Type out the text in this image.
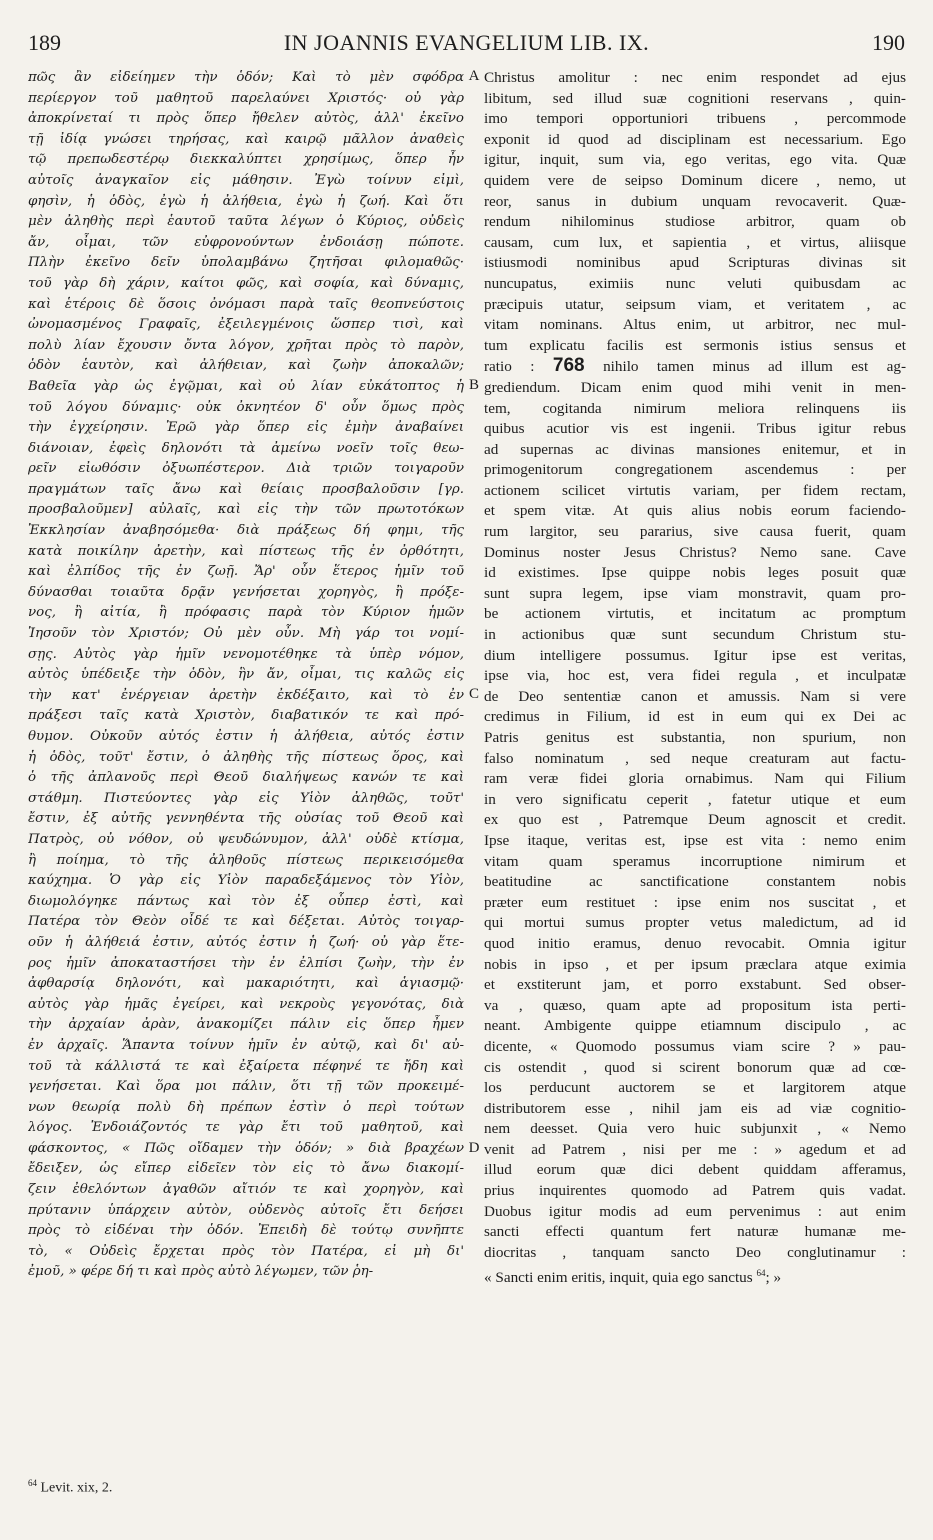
189	IN JOANNIS EVANGELIUM LIB. IX.	190
πῶς ἂν εἰδείημεν τὴν ὁδόν; Καὶ τὸ μὲν σφόδρα
περίεργον τοῦ μαθητοῦ παρελαύνει Χριστός· οὐ γὰρ
ἀποκρίνεταί τι πρὸς ὅπερ ἤθελεν αὐτὸς, ἀλλ' ἐκεῖνο
τῇ ἰδίᾳ γνώσει τηρήσας, καὶ καιρῷ μᾶλλον ἀναθεὶς
τῷ πρεπωδεστέρῳ διεκκαλύπτει χρησίμως, ὅπερ ἦν
αὐτοῖς ἀναγκαῖον εἰς μάθησιν. Ἐγὼ τοίνυν εἰμὶ,
φησὶν, ἡ ὁδὸς, ἐγὼ ἡ ἀλήθεια, ἐγὼ ἡ ζωή. Καὶ ὅτι
μὲν ἀληθὴς περὶ ἑαυτοῦ ταῦτα λέγων ὁ Κύριος, οὐδεὶς
ἄν, οἶμαι, τῶν εὐφρονούντων ἐνδοιάσῃ πώποτε.
Πλὴν ἐκεῖνο δεῖν ὑπολαμβάνω ζητῆσαι φιλομαθῶς·
τοῦ γὰρ δὴ χάριν, καίτοι φῶς, καὶ σοφία, καὶ δύναμις,
καὶ ἑτέροις δὲ ὅσοις ὀνόμασι παρὰ ταῖς θεοπνεύστοις
ὠνομασμένος Γραφαῖς, ἐξειλεγμένοις ὥσπερ τισὶ, καὶ
πολὺ λίαν ἔχουσιν ὄντα λόγον, χρῆται πρὸς τὸ παρὸν,
ὁδὸν ἑαυτὸν, καὶ ἀλήθειαν, καὶ ζωὴν ἀποκαλῶν;
Βαθεῖα γὰρ ὡς ἐγῷμαι, καὶ οὐ λίαν εὐκάτοπτος ἡ
τοῦ λόγου δύναμις· οὐκ ὀκνητέον δ' οὖν ὅμως πρὸς
τὴν ἐγχείρησιν. Ἐρῶ γὰρ ὅπερ εἰς ἐμὴν ἀναβαίνει
διάνοιαν, ἐφεὶς δηλονότι τὰ ἀμείνω νοεῖν τοῖς θεω-
ρεῖν εἰωθόσιν ὀξυωπέστερον. Διὰ τριῶν τοιγαροῦν
πραγμάτων ταῖς ἄνω καὶ θείαις προσβαλοῦσιν [γρ.
προσβαλοῦμεν] αὐλαῖς, καὶ εἰς τὴν τῶν πρωτοτόκων
Ἐκκλησίαν ἀναβησόμεθα· διὰ πράξεως δή φημι, τῆς
κατὰ ποικίλην ἀρετὴν, καὶ πίστεως τῆς ἐν ὀρθότητι,
καὶ ἐλπίδος τῆς ἐν ζωῇ. Ἄρ' οὖν ἕτερος ἡμῖν τοῦ
δύνασθαι τοιαῦτα δρᾷν γενήσεται χορηγὸς, ἢ πρόξε-
νος, ἢ αἰτία, ἢ πρόφασις παρὰ τὸν Κύριον ἡμῶν
Ἰησοῦν τὸν Χριστόν; Οὐ μὲν οὖν. Μὴ γάρ τοι νομί-
σῃς. Αὐτὸς γὰρ ἡμῖν νενομοτέθηκε τὰ ὑπὲρ νόμον,
αὐτὸς ὑπέδειξε τὴν ὁδὸν, ἣν ἄν, οἶμαι, τις καλῶς εἰς
τὴν κατ' ἐνέργειαν ἀρετὴν ἐκδέξαιτο, καὶ τὸ ἐν
πράξεσι ταῖς κατὰ Χριστὸν, διαβατικόν τε καὶ πρό-
θυμον. Οὐκοῦν αὐτός ἐστιν ἡ ἀλήθεια, αὐτός ἐστιν
ἡ ὁδὸς, τοῦτ' ἔστιν, ὁ ἀληθὴς τῆς πίστεως ὅρος, καὶ
ὁ τῆς ἀπλανοῦς περὶ Θεοῦ διαλήψεως κανών τε καὶ
στάθμη. Πιστεύοντες γὰρ εἰς Υἱὸν ἀληθῶς, τοῦτ'
ἔστιν, ἐξ αὐτῆς γεννηθέντα τῆς οὐσίας τοῦ Θεοῦ καὶ
Πατρὸς, οὐ νόθον, οὐ ψευδώνυμον, ἀλλ' οὐδὲ κτίσμα,
ἢ ποίημα, τὸ τῆς ἀληθοῦς πίστεως περικεισόμεθα
καύχημα. Ὁ γὰρ εἰς Υἱὸν παραδεξάμενος τὸν Υἱὸν,
διωμολόγηκε πάντως καὶ τὸν ἐξ οὗπερ ἐστὶ, καὶ
Πατέρα τὸν Θεὸν οἶδέ τε καὶ δέξεται. Αὐτὸς τοιγαρ-
οῦν ἡ ἀλήθειά ἐστιν, αὐτός ἐστιν ἡ ζωή· οὐ γὰρ ἕτε-
ρος ἡμῖν ἀποκαταστήσει τὴν ἐν ἐλπίσι ζωὴν, τὴν ἐν
ἀφθαρσίᾳ δηλονότι, καὶ μακαριότητι, καὶ ἁγιασμῷ·
αὐτὸς γὰρ ἡμᾶς ἐγείρει, καὶ νεκροὺς γεγονότας, διὰ
τὴν ἀρχαίαν ἀρὰν, ἀνακομίζει πάλιν εἰς ὅπερ ἦμεν
ἐν ἀρχαῖς. Ἅπαντα τοίνυν ἡμῖν ἐν αὐτῷ, καὶ δι' αὐ-
τοῦ τὰ κάλλιστά τε καὶ ἐξαίρετα πέφηνέ τε ἤδη καὶ
γενήσεται. Καὶ ὅρα μοι πάλιν, ὅτι τῇ τῶν προκειμέ-
νων θεωρίᾳ πολὺ δὴ πρέπων ἐστὶν ὁ περὶ τούτων
λόγος. Ἐνδοιάζοντός τε γὰρ ἔτι τοῦ μαθητοῦ, καὶ
φάσκοντος, « Πῶς οἴδαμεν τὴν ὁδόν; » διὰ βραχέων
ἔδειξεν, ὡς εἴπερ εἰδεῖεν τὸν εἰς τὸ ἄνω διακομί-
ζειν ἐθελόντων ἀγαθῶν αἴτιόν τε καὶ χορηγὸν, καὶ
πρύτανιν ὑπάρχειν αὐτὸν, οὐδενὸς αὐτοῖς ἔτι δεήσει
πρὸς τὸ εἰδέναι τὴν ὁδόν. Ἐπειδὴ δὲ τούτῳ συνῆπτε
τὸ, « Οὐδεὶς ἔρχεται πρὸς τὸν Πατέρα, εἰ μὴ δι'
ἐμοῦ, » φέρε δή τι καὶ πρὸς αὐτὸ λέγωμεν, τῶν ῥη-
A
B
C
D
Christus amolitur : nec enim respondet ad ejus
libitum, sed illud suæ cognitioni reservans , quin-
imo tempori opportuniori tribuens , percommode
exponit id quod ad disciplinam est necessarium. Ego
igitur, inquit, sum via, ego veritas, ego vita. Quæ
quidem vere de seipso Dominum dicere , nemo, ut
reor, sanus in dubium unquam revocaverit. Quæ-
rendum nihilominus studiose arbitror, quam ob
causam, cum lux, et sapientia , et virtus, aliisque
istiusmodi nominibus apud Scripturas divinas sit
nuncupatus, eximiis nunc veluti quibusdam ac
præcipuis utatur, seipsum viam, et veritatem , ac
vitam nominans. Altus enim, ut arbitror, nec mul-
tum explicatu facilis est sermonis istius sensus et
ratio : 768 nihilo tamen minus ad illum est ag-
grediendum. Dicam enim quod mihi venit in men-
tem, cogitanda nimirum meliora relinquens iis
quibus acutior vis est ingenii. Tribus igitur rebus
ad supernas ac divinas mansiones enitemur, et in
primogenitorum congregationem ascendemus : per
actionem scilicet virtutis variam, per fidem rectam,
et spem vitæ. At quis alius nobis eorum faciendo-
rum largitor, seu pararius, sive causa fuerit, quam
Dominus noster Jesus Christus? Nemo sane. Cave
id existimes. Ipse quippe nobis leges posuit quæ
sunt supra legem, ipse viam monstravit, quam pro-
be actionem virtutis, et incitatum ac promptum
in actionibus quæ sunt secundum Christum stu-
dium intelligere possumus. Igitur ipse est veritas,
ipse via, hoc est, vera fidei regula , et inculpatæ
de Deo sententiæ canon et amussis. Nam si vere
credimus in Filium, id est in eum qui ex Dei ac
Patris genitus est substantia, non spurium, non
falso nominatum , sed neque creaturam aut factu-
ram veræ fidei gloria ornabimus. Nam qui Filium
in vero significatu ceperit , fatetur utique et eum
ex quo est , Patremque Deum agnoscit et credit.
Ipse itaque, veritas est, ipse est vita : nemo enim
vitam quam speramus incorruptione nimirum et
beatitudine ac sanctificatione constantem nobis
præter eum restituet : ipse enim nos suscitat , et
qui mortui sumus propter vetus maledictum, ad id
quod initio eramus, denuo revocabit. Omnia igitur
nobis in ipso , et per ipsum præclara atque eximia
et exstiterunt jam, et porro exstabunt. Sed obser-
va , quæso, quam apte ad propositum ista perti-
neant. Ambigente quippe etiamnum discipulo , ac
dicente, « Quomodo possumus viam scire ? » pau-
cis ostendit , quod si scirent bonorum quæ ad cœ-
los perducunt auctorem se et largitorem atque
distributorem esse , nihil jam eis ad viæ cognitio-
nem deesset. Quia vero huic subjunxit , « Nemo
venit ad Patrem , nisi per me : » agedum et ad
illud eorum quæ dici debent quiddam afferamus,
prius inquirentes quomodo ad Patrem quis vadat.
Duobus igitur modis ad eum pervenimus : aut enim
sancti effecti quantum fert naturæ humanæ me-
diocritas , tanquam sancto Deo conglutinamur :
« Sancti enim eritis, inquit, quia ego sanctus $^{64}$; »
$^{64}$ Levit. xix, 2.
